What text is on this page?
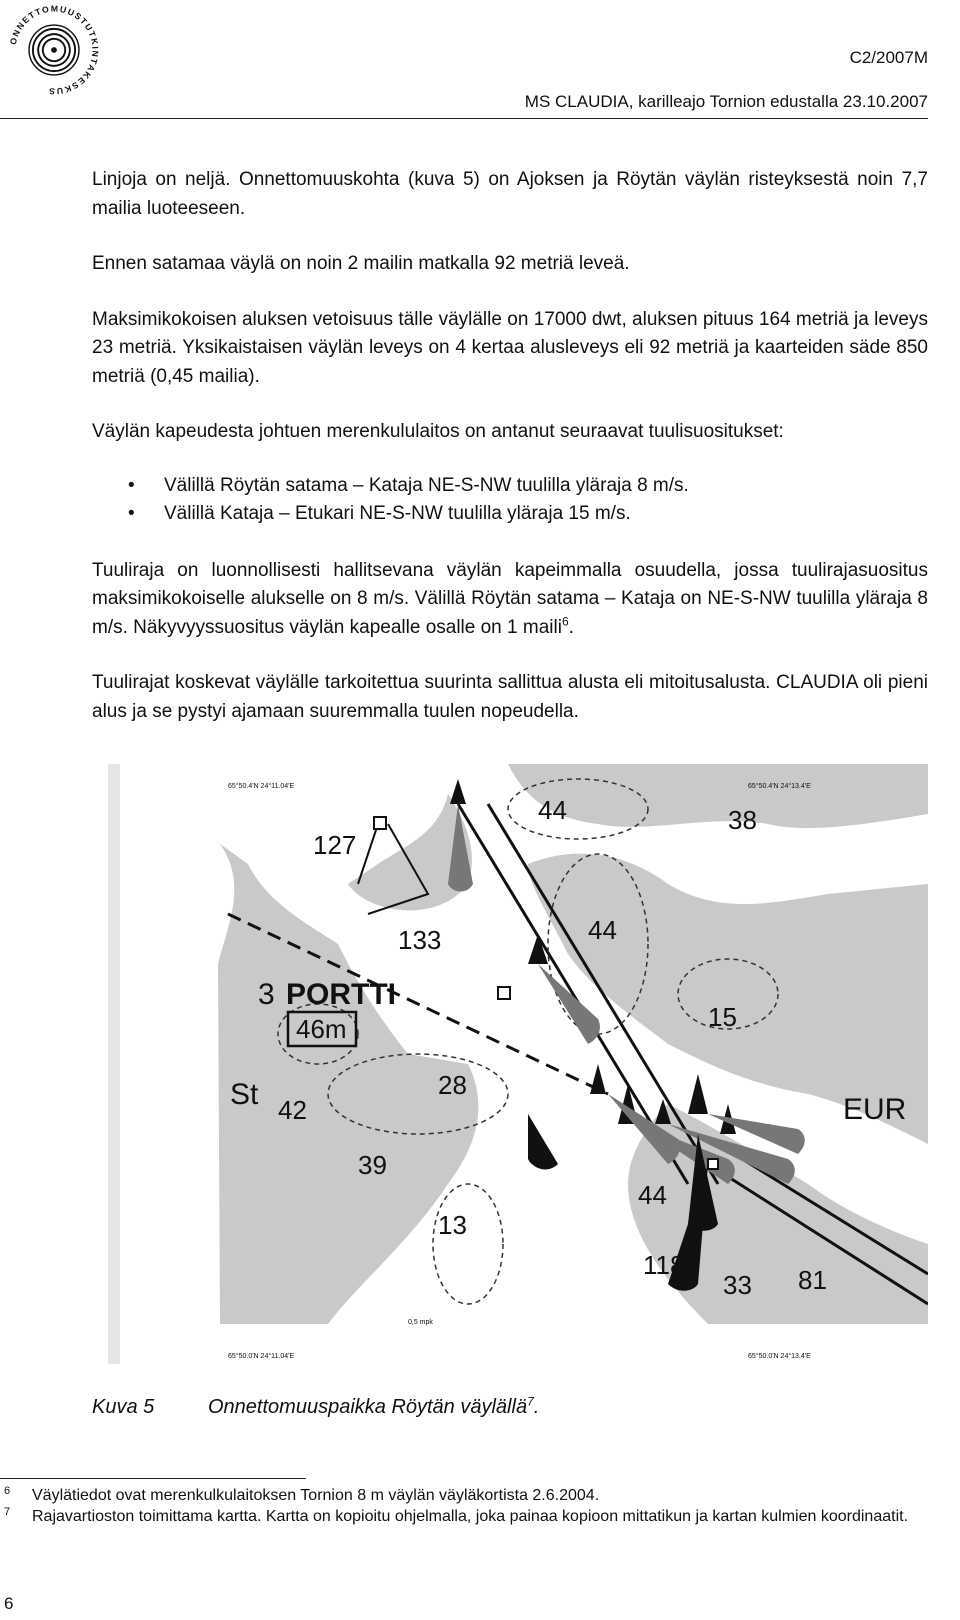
ONNETTOMUUSTUTKINTAKESKUS
C2/2007M
MS CLAUDIA, karilleajo Tornion edustalla 23.10.2007

Linjoja on neljä. Onnettomuuskohta (kuva 5) on Ajoksen ja Röytän väylän risteyksestä noin 7,7 mailia luoteeseen.

Ennen satamaa väylä on noin 2 mailin matkalla 92 metriä leveä.

Maksimikokoisen aluksen vetoisuus tälle väylälle on 17000 dwt, aluksen pituus 164 metriä ja leveys 23 metriä. Yksikaistaisen väylän leveys on 4 kertaa alusleveys eli 92 metriä ja kaarteiden säde 850 metriä (0,45 mailia).

Väylän kapeudesta johtuen merenkululaitos on antanut seuraavat tuulisuositukset:

• Välillä Röytän satama – Kataja NE-S-NW tuulilla yläraja 8 m/s.
• Välillä Kataja – Etukari NE-S-NW tuulilla yläraja 15 m/s.

Tuuliraja on luonnollisesti hallitsevana väylän kapeimmalla osuudella, jossa tuulirajasuositus maksimikokoiselle alukselle on 8 m/s. Välillä Röytän satama – Kataja on NE-S-NW tuulilla yläraja 8 m/s. Näkyvyyssuositus väylän kapealle osalle on 1 maili$^6$.

Tuulirajat koskevat väylälle tarkoitettua suurinta sallittua alusta eli mitoitusalusta. CLAUDIA oli pieni alus ja se pystyi ajamaan suuremmalla tuulen nopeudella.

65°50.4'N 24°11.04'E	65°50.4'N 24°13.4'E
65°50.0'N 24°11.04'E	65°50.0'N 24°13.4'E
0,5 mpk
127
133
44
44
38
15
28
42
39
13
44
118
33 81
3 PORTTI
46m
St	EUR
Kuva 5	Onnettomuuspaikka Röytän väylällä$^7$.

6 Väylätiedot ovat merenkulkulaitoksen Tornion 8 m väylän väyläkortista 2.6.2004.

7 Rajavartioston toimittama kartta. Kartta on kopioitu ohjelmalla, joka painaa kopioon mittatikun ja kartan kulmien koordinaatit.

6
